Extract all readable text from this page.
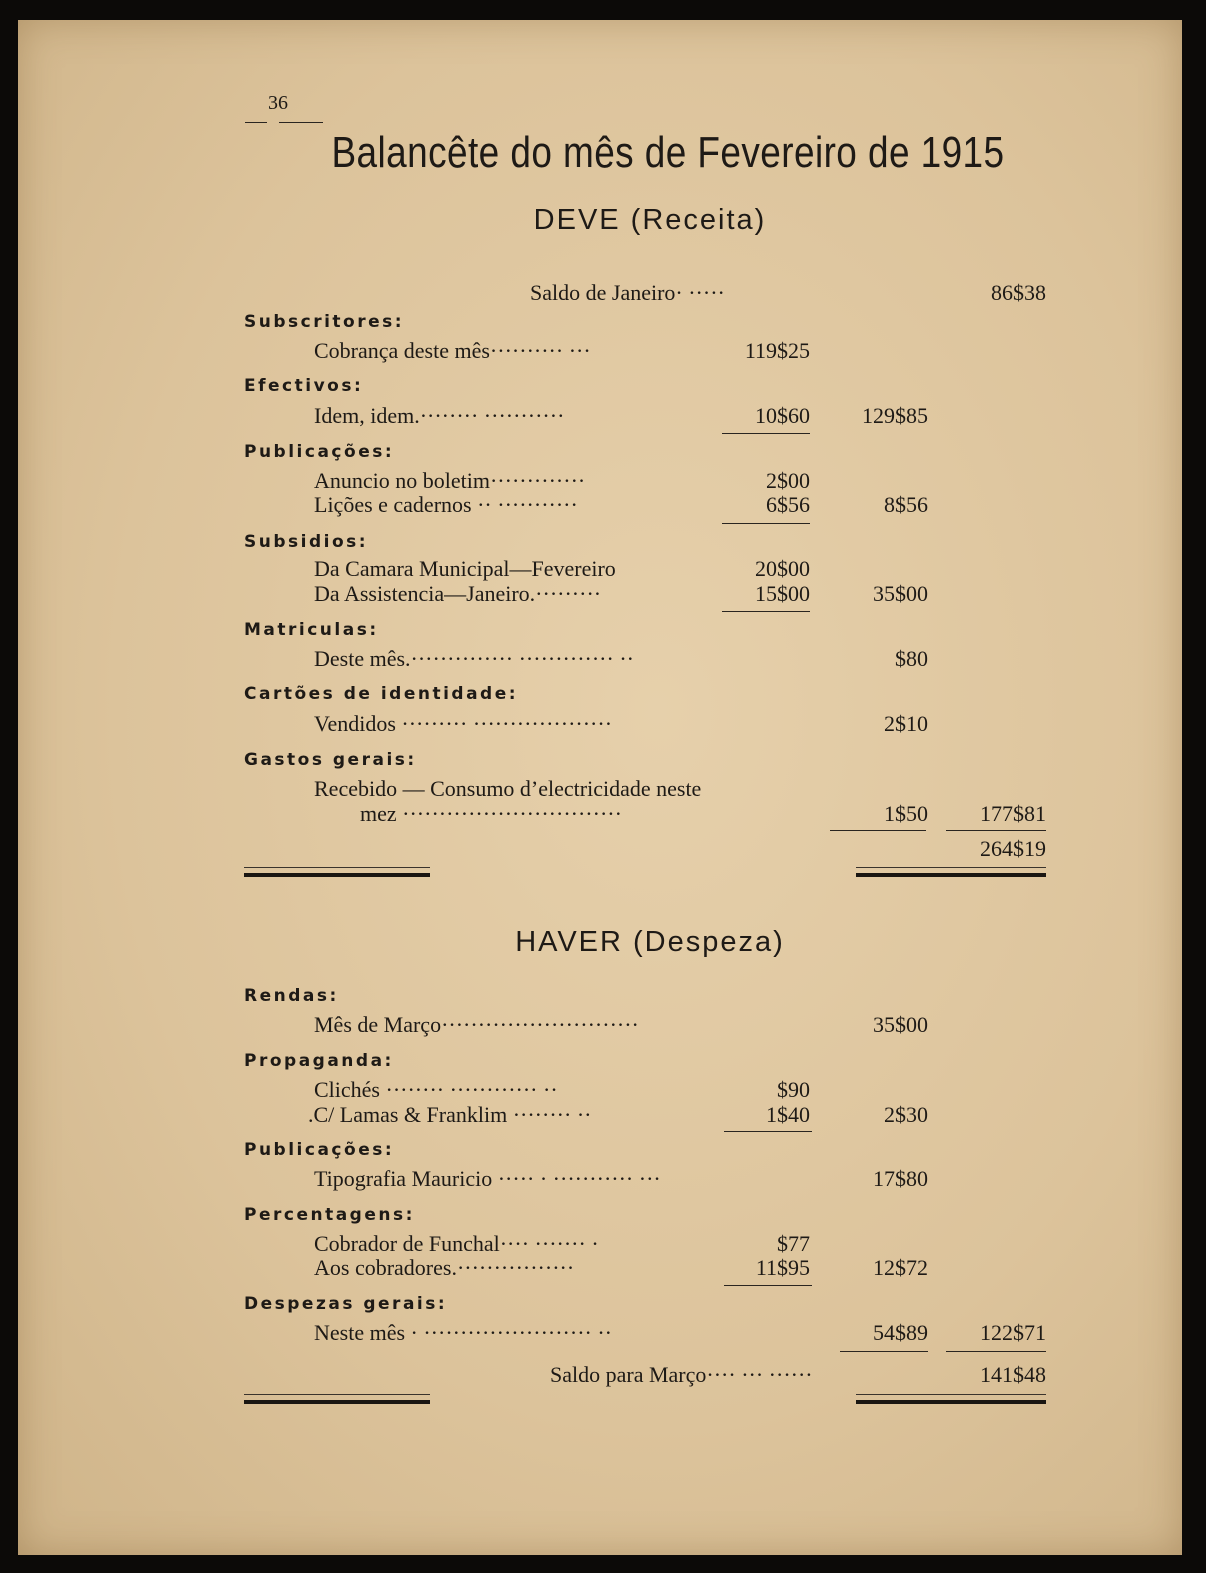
36
Balancête do mês de Fevereiro de 1915
DEVE (Receita)
Saldo de Janeiro· ·····	86$38
Subscritores:
Cobrança deste mês·········· ···	119$25
Efectivos:
Idem, idem.········ ···········	10$60 129$85
Publicações:
Anuncio no boletim·············	2$00
Lições e cadernos ·· ···········	6$56	8$56
Subsidios:
Da Camara Municipal—Fevereiro	20$00
Da Assistencia—Janeiro.·········	15$00	35$00
Matriculas:
Deste mês.·············· ············· ··	$80
Cartões de identidade:
Vendidos ········· ···················	2$10
Gastos gerais:
Recebido — Consumo d’electricidade neste
mez ······························	1$50 177$81
264$19
HAVER (Despeza)
Rendas:
Mês de Março···························	35$00
Propaganda:
Clichés ········ ············ ··	$90
.C/ Lamas & Franklim ········ ··	1$40	2$30
Publicações:
Tipografia Mauricio ····· · ··········· ···	17$80
Percentagens:
Cobrador de Funchal···· ······· ·	$77
Aos cobradores.················	11$95	12$72
Despezas gerais:
Neste mês · ······················· ··	54$89 122$71
Saldo para Março···· ··· ······	141$48
